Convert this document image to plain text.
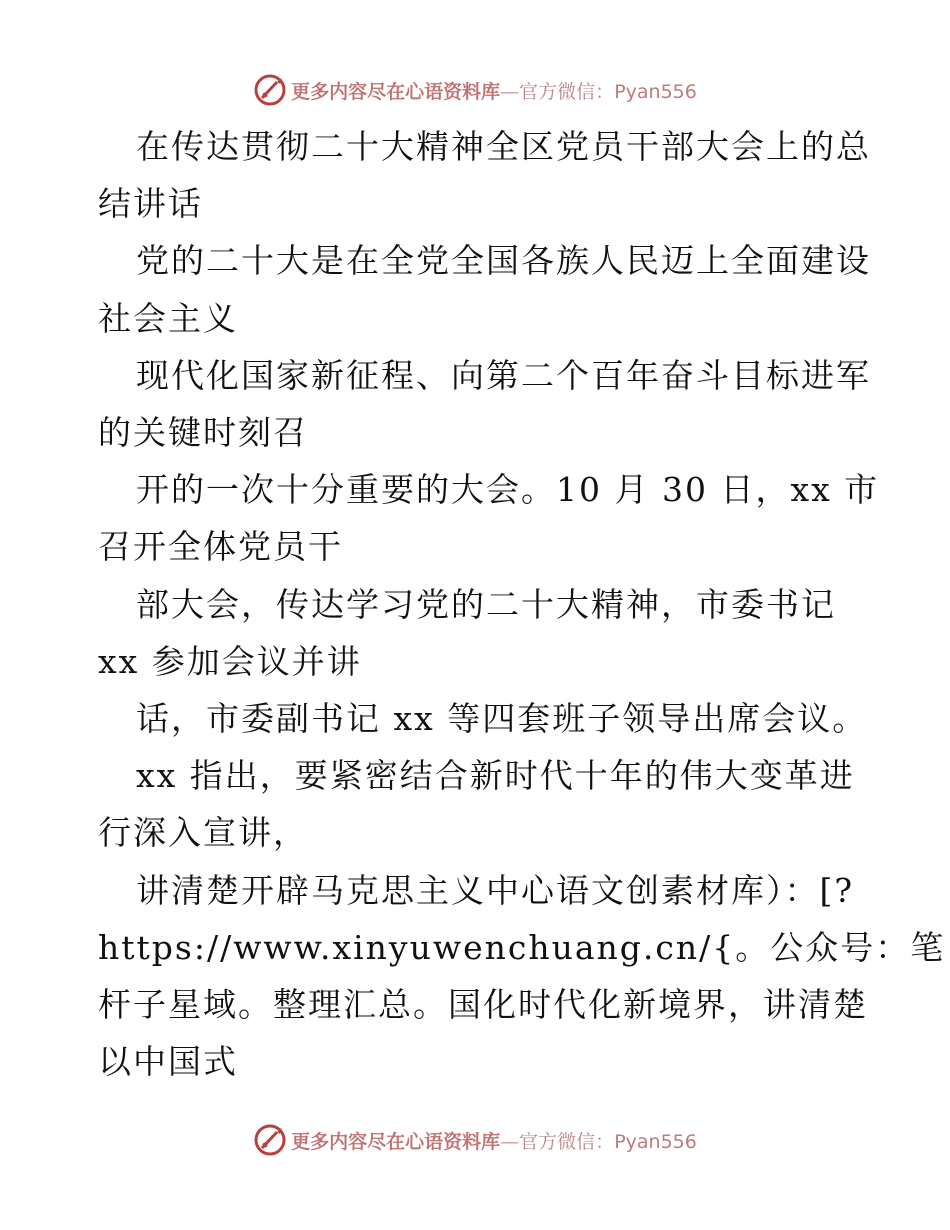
更多内容尽在心语资料库—官方微信：Pyan556
在传达贯彻二十大精神全区党员干部大会上的总
结讲话
党的二十大是在全党全国各族人民迈上全面建设
社会主义
现代化国家新征程、向第二个百年奋斗目标进军
的关键时刻召
开的一次十分重要的大会。10 月 30 日，xx 市
召开全体党员干
部大会，传达学习党的二十大精神，市委书记
xx 参加会议并讲
话，市委副书记 xx 等四套班子领导出席会议。
xx 指出，要紧密结合新时代十年的伟大变革进
行深入宣讲，
讲清楚开辟马克思主义中心语文创素材库）：[?
https://www.xinyuwenchuang.cn/{。公众号：笔
杆子星域。整理汇总。国化时代化新境界，讲清楚
以中国式
更多内容尽在心语资料库—官方微信：Pyan556
